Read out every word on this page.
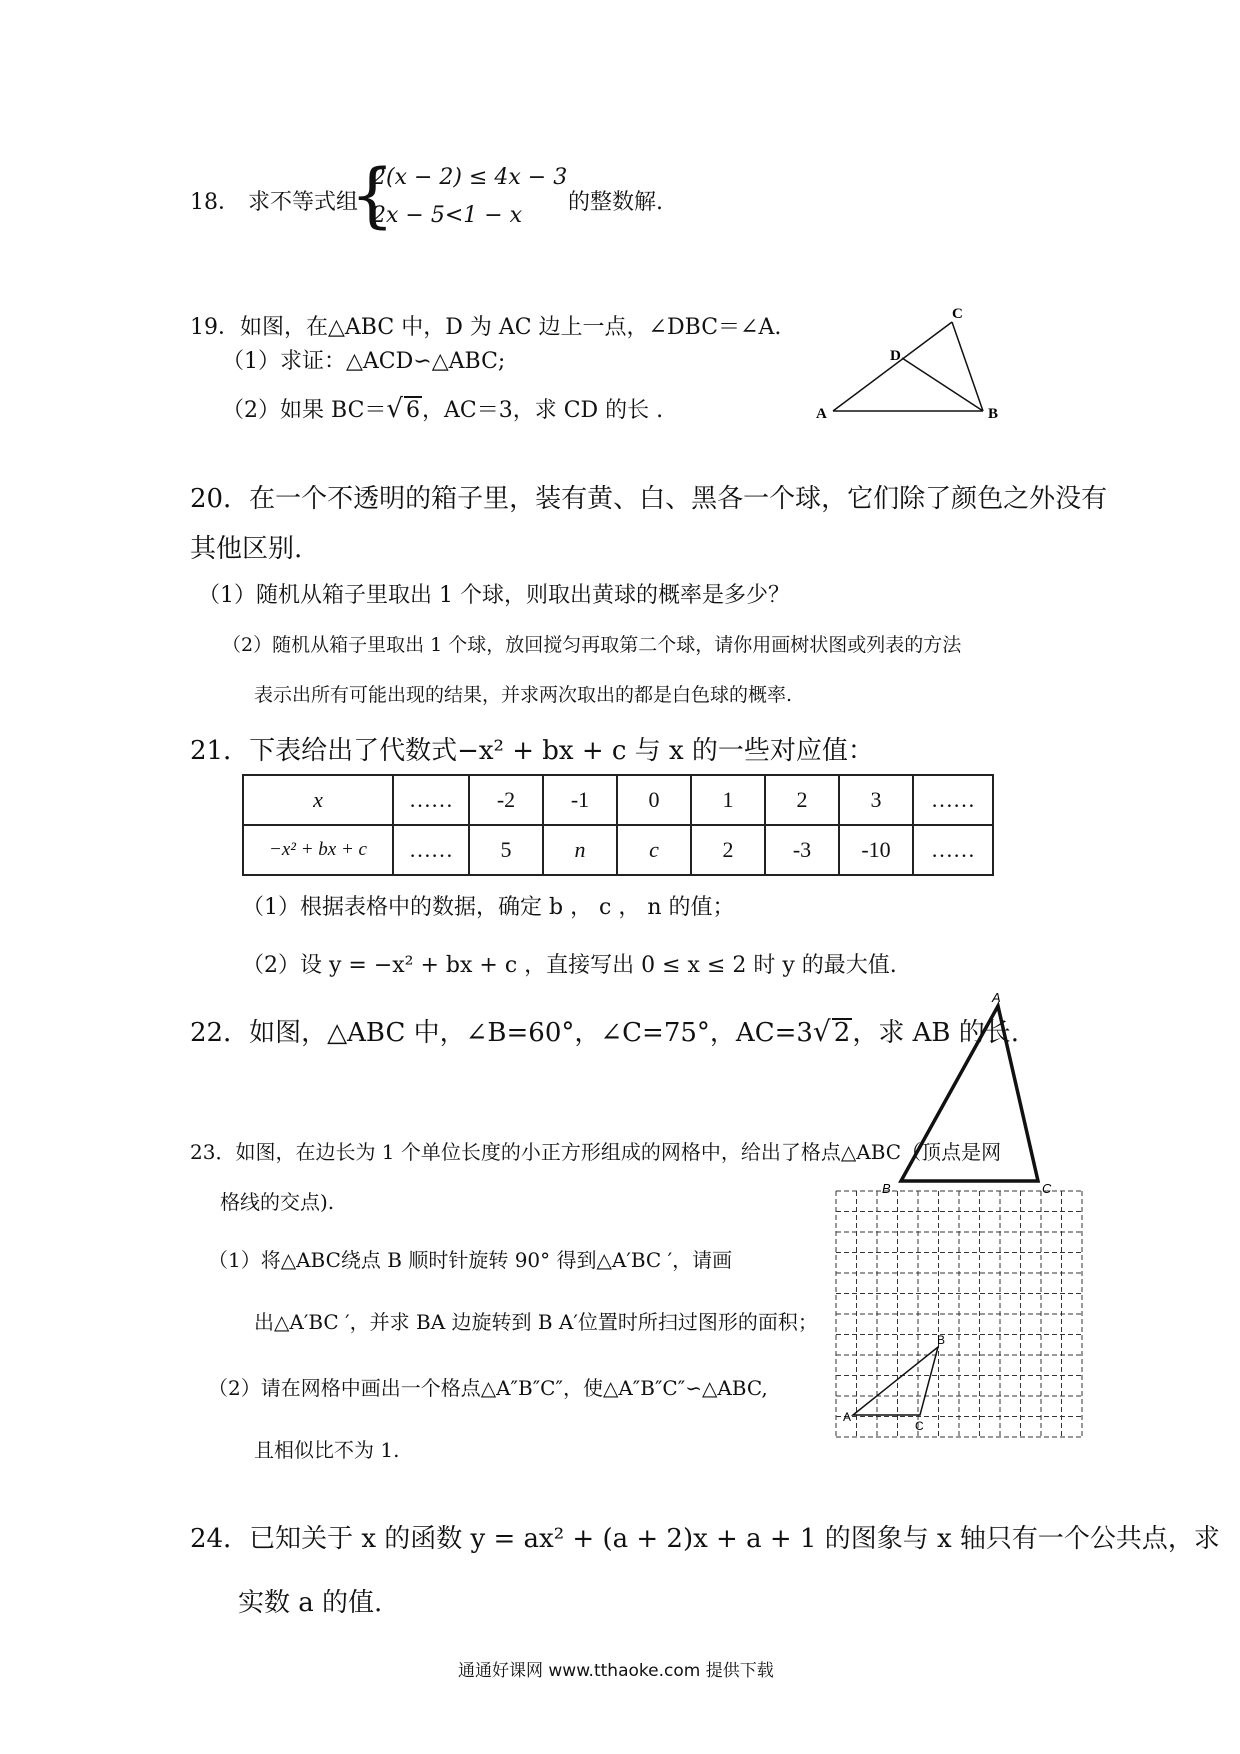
18． 求不等式组
{
2(x − 2) ≤ 4x − 3
2x − 5<1 − x
的整数解.
19．如图，在△ABC 中，D 为 AC 边上一点，∠DBC＝∠A.
（1）求证：△ACD∽△ABC;
（2）如果 BC＝√ 6，AC＝3，求 CD 的长 .	A	B
C
D
20．在一个不透明的箱子里，装有黄、白、黑各一个球，它们除了颜色之外没有
其他区别.
（1）随机从箱子里取出 1 个球，则取出黄球的概率是多少？
（2）随机从箱子里取出 1 个球，放回搅匀再取第二个球，请你用画树状图或列表的方法
表示出所有可能出现的结果，并求两次取出的都是白色球的概率.
21．下表给出了代数式−x² + bx + c 与 x 的一些对应值：
x	……	-2	-1	0	1	2	3	……
−x² + bx + c	……	5	n	c	2	-3	-10	……
（1）根据表格中的数据，确定 b ， c ， n 的值；
（2）设 y = −x² + bx + c ，直接写出 0 ≤ x ≤ 2 时 y 的最大值.
22．如图，△ABC 中，∠B=60°，∠C=75°，AC=3√ 2，求 AB 的长.
A
B	C
23．如图，在边长为 1 个单位长度的小正方形组成的网格中，给出了格点△ABC（顶点是网
格线的交点).
（1）将△ABC绕点 B 顺时针旋转 90° 得到△A′BC ′，请画
出△A′BC ′，并求 BA 边旋转到 B A′位置时所扫过图形的面积；
（2）请在网格中画出一个格点△A″B″C″，使△A″B″C″∽△ABC,
且相似比不为 1.
A
B
C
24．已知关于 x 的函数 y = ax² + (a + 2)x + a + 1 的图象与 x 轴只有一个公共点，求
实数 a 的值.
通通好课网 www.tthaoke.com 提供下载
